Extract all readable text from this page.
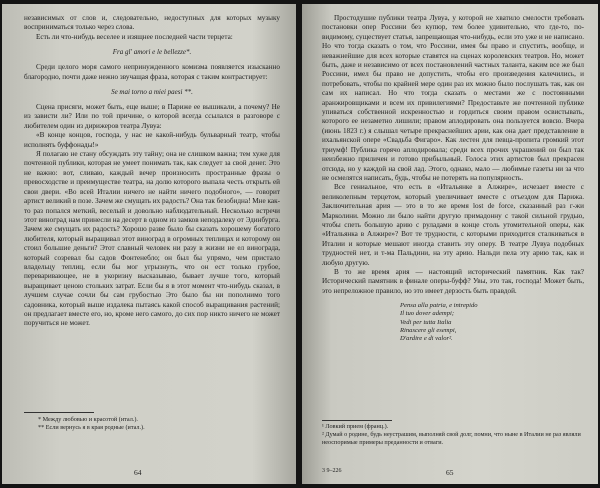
независимых от слов и, следовательно, недоступных для которых музыку восприниматься только через слова.

Есть ли что-нибудь веселее и изящнее последней части терцета:

Fra gl' amori e le bellezze*.

Среди целого моря самого непринужденного комизма появляется изысканно благородно, почти даже нежно звучащая фраза, которая с таким контрастирует:

Se mai torno a miei paesi **.

Сцена присяги, может быть, еще выше; в Париже ее вышикали, а почему? Не из зависти ли? Или по той причине, о которой всегда ссылался в разговоре с любителем один из дирижеров театра Лувуа:

«В конце концов, господа, у нас не какой-нибудь бульварный театр, чтобы исполнять буффонады!»

Я полагаю не стану обсуждать эту тайну; она не слишком важна; тем хуже для почтенной публики, которая не умеет понимать так, как следует за свой денег. Это не важно: вот, сливаю, каждый вечер произносить пространные фразы о превосходстве и преимуществе театра, на долю которого выпала честь открыть ей свои двери. «Во всей Италии ничего не найти ничего подобного», — говорит артист великий в позе. Зачем же смущать их радость? Она так безобидна! Мне как-то раз попался меткий, веселый и довольно наблюдательный. Несколько встречи этот виноград нам принесли на десерт в одном из замков неподалеку от Эдинбурга. Зачем же смущать их радость? Хорошо разве было бы сказать хорошему богатого любителя, который выращивал этот виноград в огромных теплицах и которому он стоил большие деньги? Этот славный человек ни разу в жизни не ел винограда, который созревал бы садов Фонтенебло; он был бы упрямо, чем пристало владельцу теплиц, если бы мог угрызнуть, что он ест только грубое, переваривающее, не в укоризну высказываю, бывает лучше того, который выращивает ценою стольких затрат. Если бы я в этот момент что-нибудь сказал, в лучшем случае сочли бы сам грубостью Это было бы ни пополнимо того садовника, который выше издалека пытаясь какой способ выращивания растений; он предлагает вместе его, но, кроме него самого, до сих пор никто ничего не может поручиться не может.

* Между любовью и красотой (итал.).
** Если вернусь я в края родные (итал.).
64

Простодушие публики театра Лувуа, у которой не хватило смелости требовать постановки опер Россини без купюр, тем более удивительно, что где-то, по-видимому, существует статья, запрещающая что-нибудь, если это уже и не написано. Но что тогда сказать о том, что Россини, имея бы право и спустить, вообще, и неважнейшие для всех которые ставятся на сценах королевских театров. Но, может быть, даже и независимо от всех постановлений частных таланта, каким все же был Россини, имел бы право не допустить, чтобы его произведения калечились, и потребовать, чтобы по крайней мере один раз их можно было послушать так, как он сам их написал. Но что тогда сказать о местами же с постоянными аранжировщиками и всем их привилегиями? Предоставьте же почтенной публике упиваться собственной искренностью и гордиться своим правом освистывать, которого ее незаметно лишили; правом аплодировать она пользуется вовсю. Вчера (июнь 1823 г.) я слышал четыре прекраснейших арии, как она дает представление в ихальянской опере «Свадьба Фигаро». Как лестен для певца-пропита громкий этот триумф! Публика горячо аплодировала; среди всех прочих украшений он был так неизбежно приличен и готово прибыльный. Голоса этих артистов был прекрасен отсюда, но у каждой на свой лад. Этого, однако, мало — любимые газеты ни за что не осмелятся написать, будь, чтобы не потерять на популярность.

Все гениальное, что есть в «Итальянке в Алжире», исчезает вместе с великолепным терцетом, который увеличивает вместе с отъездом для Парижа. Заключительная ария — это в то же время lost de force, сказанный раз г-жи Марколини. Можно ли было найти другую примадонну с такой сильной грудью, чтобы спеть большую арию с руладами в конце столь утомительной оперы, как «Итальянка в Алжире»? Вот те трудности, с которыми приходится сталкиваться в Италии и которые мешают иногда ставить эту оперу. В театре Лувуа подобных трудностей нет, и т-ма Пальдини, на эту арию. Нальди пела эту арию так, как и любую другую.

В то же время ария — настоящий исторический памятник. Как так? Исторический памятник в финале оперы-буфф? Увы, это так, господа! Может быть, это непреложное правило, но это имеет дерзость быть правдой.

Pensa alla patria, e intrepido
Il tuo dover adempi;
Vedi per tutta Italia
Rinascere gli esempi,
D'ardire e di valor².
¹ Ловкий прием (франц.).
² Думай о родине, будь неустрашим, выполняй свой долг, помни, что ныне в Италии не раз являли неоспоримые примеры преданности и отваги.
3 9–226	65
